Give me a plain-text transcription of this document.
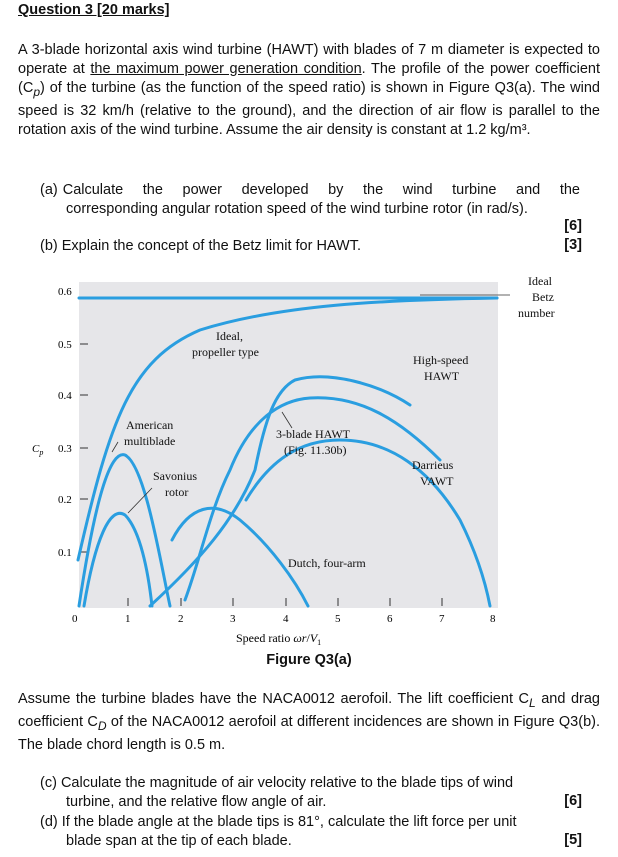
Question 3 [20 marks]

A 3-blade horizontal axis wind turbine (HAWT) with blades of 7 m diameter is expected to operate at the maximum power generation condition. The profile of the power coefficient $(C_p)$ of the turbine (as the function of the speed ratio) is shown in Figure Q3(a). The wind speed is 32 km/h (relative to the ground), and the direction of air flow is parallel to the rotation axis of the wind turbine. Assume the air density is constant at 1.2 kg/m³.

(a) Calculate the power developed by the wind turbine and the
corresponding angular rotation speed of the wind turbine rotor (in rad/s).
[6]
(b) Explain the concept of the Betz limit for HAWT.	[3]
0.6
0.5
0.4
$C_p$ 0.3
0.2
0.1
0	1	2	3	4	5	6	7	8
Speed ratio $\omega r/V_1$
Ideal
Betz
number
Ideal,
propeller type
High-speed
HAWT
American
multiblade	3-blade HAWT
(Fig. 11.30b)
Darrieus
VAWT
Savonius
rotor
Dutch, four-arm
Figure Q3(a)

Assume the turbine blades have the NACA0012 aerofoil. The lift coefficient $C_L$ and drag coefficient $C_D$ of the NACA0012 aerofoil at different incidences are shown in Figure Q3(b). The blade chord length is 0.5 m.

(c) Calculate the magnitude of air velocity relative to the blade tips of wind
turbine, and the relative flow angle of air.	[6]
(d) If the blade angle at the blade tips is 81°, calculate the lift force per unit
blade span at the tip of each blade.	[5]
